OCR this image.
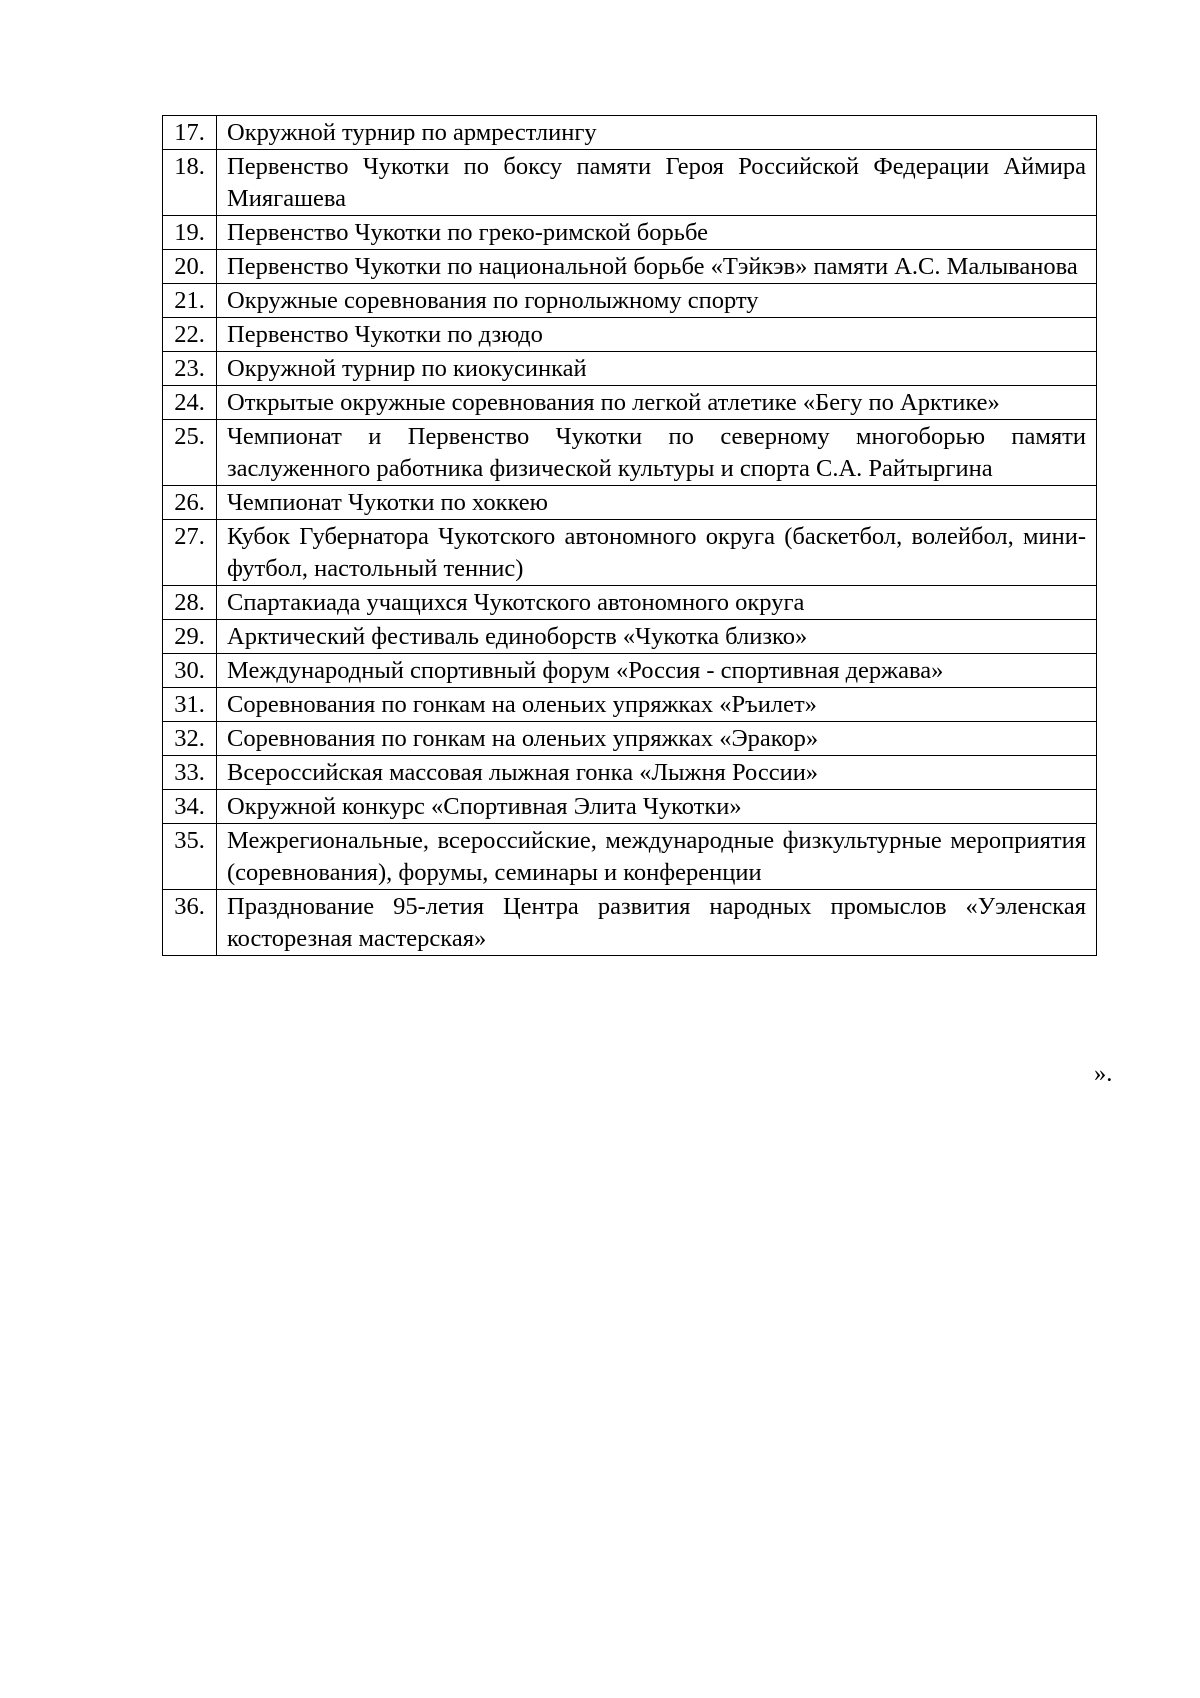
17.	Окружной турнир по армрестлингу
18.	Первенство Чукотки по боксу памяти Героя Российской Федерации Аймира Миягашева
19.	Первенство Чукотки по греко-римской борьбе
20.	Первенство Чукотки по национальной борьбе «Тэйкэв» памяти А.С. Малыванова
21.	Окружные соревнования по горнолыжному спорту
22.	Первенство Чукотки по дзюдо
23.	Окружной турнир по киокусинкай
24.	Открытые окружные соревнования по легкой атлетике «Бегу по Арктике»
25.	Чемпионат и Первенство Чукотки по северному многоборью памяти заслуженного работника физической культуры и спорта С.А. Райтыргина
26.	Чемпионат Чукотки по хоккею
27.	Кубок Губернатора Чукотского автономного округа (баскетбол, волейбол, мини-футбол, настольный теннис)
28.	Спартакиада учащихся Чукотского автономного округа
29.	Арктический фестиваль единоборств «Чукотка близко»
30.	Международный спортивный форум «Россия - спортивная держава»
31.	Соревнования по гонкам на оленьих упряжках «Ръилет»
32.	Соревнования по гонкам на оленьих упряжках «Эракор»
33.	Всероссийская массовая лыжная гонка «Лыжня России»
34.	Окружной конкурс «Спортивная Элита Чукотки»
35.	Межрегиональные, всероссийские, международные физкультурные мероприятия (соревнования), форумы, семинары и конференции
36.	Празднование 95-летия Центра развития народных промыслов «Уэленская косторезная мастерская»
».
